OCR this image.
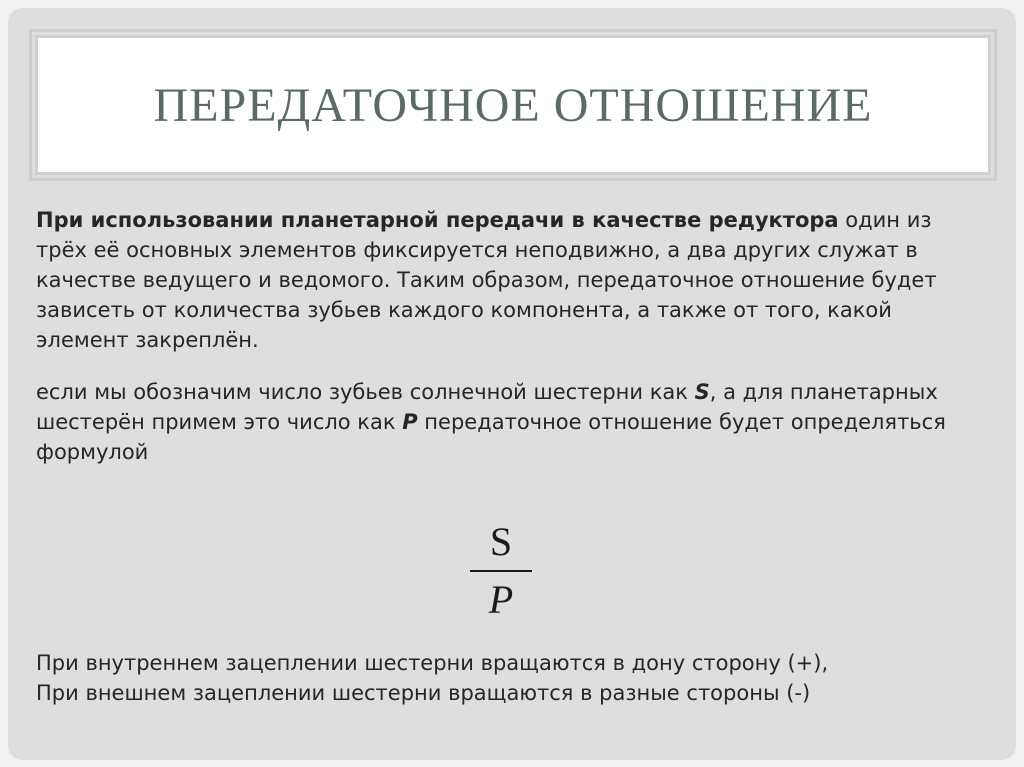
ПЕРЕДАТОЧНОЕ ОТНОШЕНИЕ

При использовании планетарной передачи в качестве редуктора один из трёх её основных элементов фиксируется неподвижно, а два других служат в качестве ведущего и ведомого. Таким образом, передаточное отношение будет зависеть от количества зубьев каждого компонента, а также от того, какой элемент закреплён.

если мы обозначим число зубьев солнечной шестерни как S, а для планетарных шестерён примем это число как P передаточное отношение будет определяться формулой

S
P
При внутреннем зацеплении шестерни вращаются в дону сторону (+),
При внешнем зацеплении шестерни вращаются в разные стороны (-)
